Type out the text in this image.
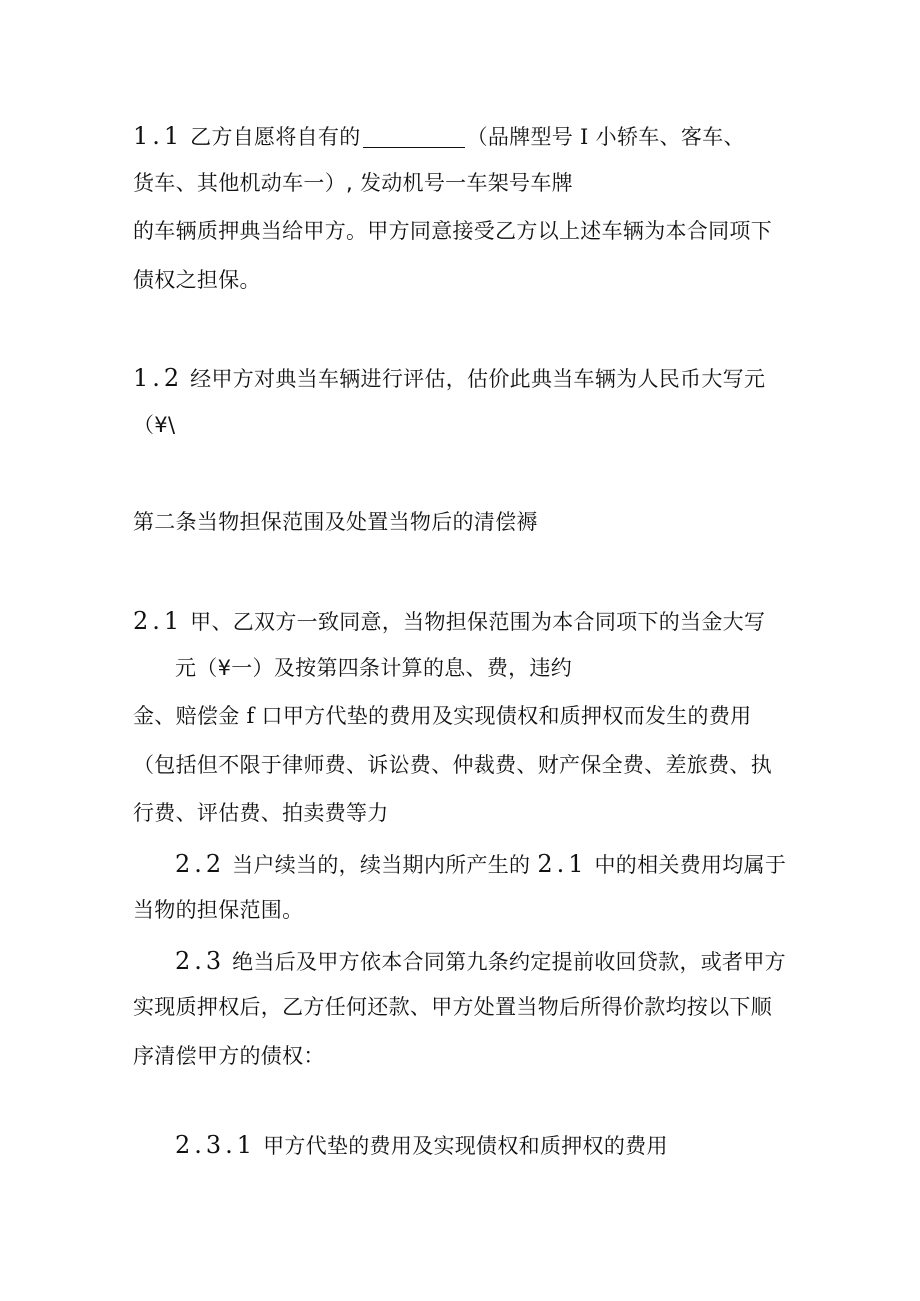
1.1 乙方自愿将自有的	（品牌型号 I 小轿车、客车、
货车、其他机动车一）, 发动机号一车架号车牌
的车辆质押典当给甲方。甲方同意接受乙方以上述车辆为本合同项下
债权之担保。
1.2 经甲方对典当车辆进行评估，估价此典当车辆为人民币大写元
（¥\
第二条当物担保范围及处置当物后的清偿褥
2.1 甲、乙双方一致同意，当物担保范围为本合同项下的当金大写
元（¥一）及按第四条计算的息、费，违约
金、赔偿金 f 口甲方代垫的费用及实现债权和质押权而发生的费用
（包括但不限于律师费、诉讼费、仲裁费、财产保全费、差旅费、执
行费、评估费、拍卖费等力
2.2 当户续当的，续当期内所产生的 2.1 中的相关费用均属于
当物的担保范围。
2.3 绝当后及甲方依本合同第九条约定提前收回贷款，或者甲方
实现质押权后，乙方任何还款、甲方处置当物后所得价款均按以下顺
序清偿甲方的债权：
2.3.1 甲方代垫的费用及实现债权和质押权的费用
